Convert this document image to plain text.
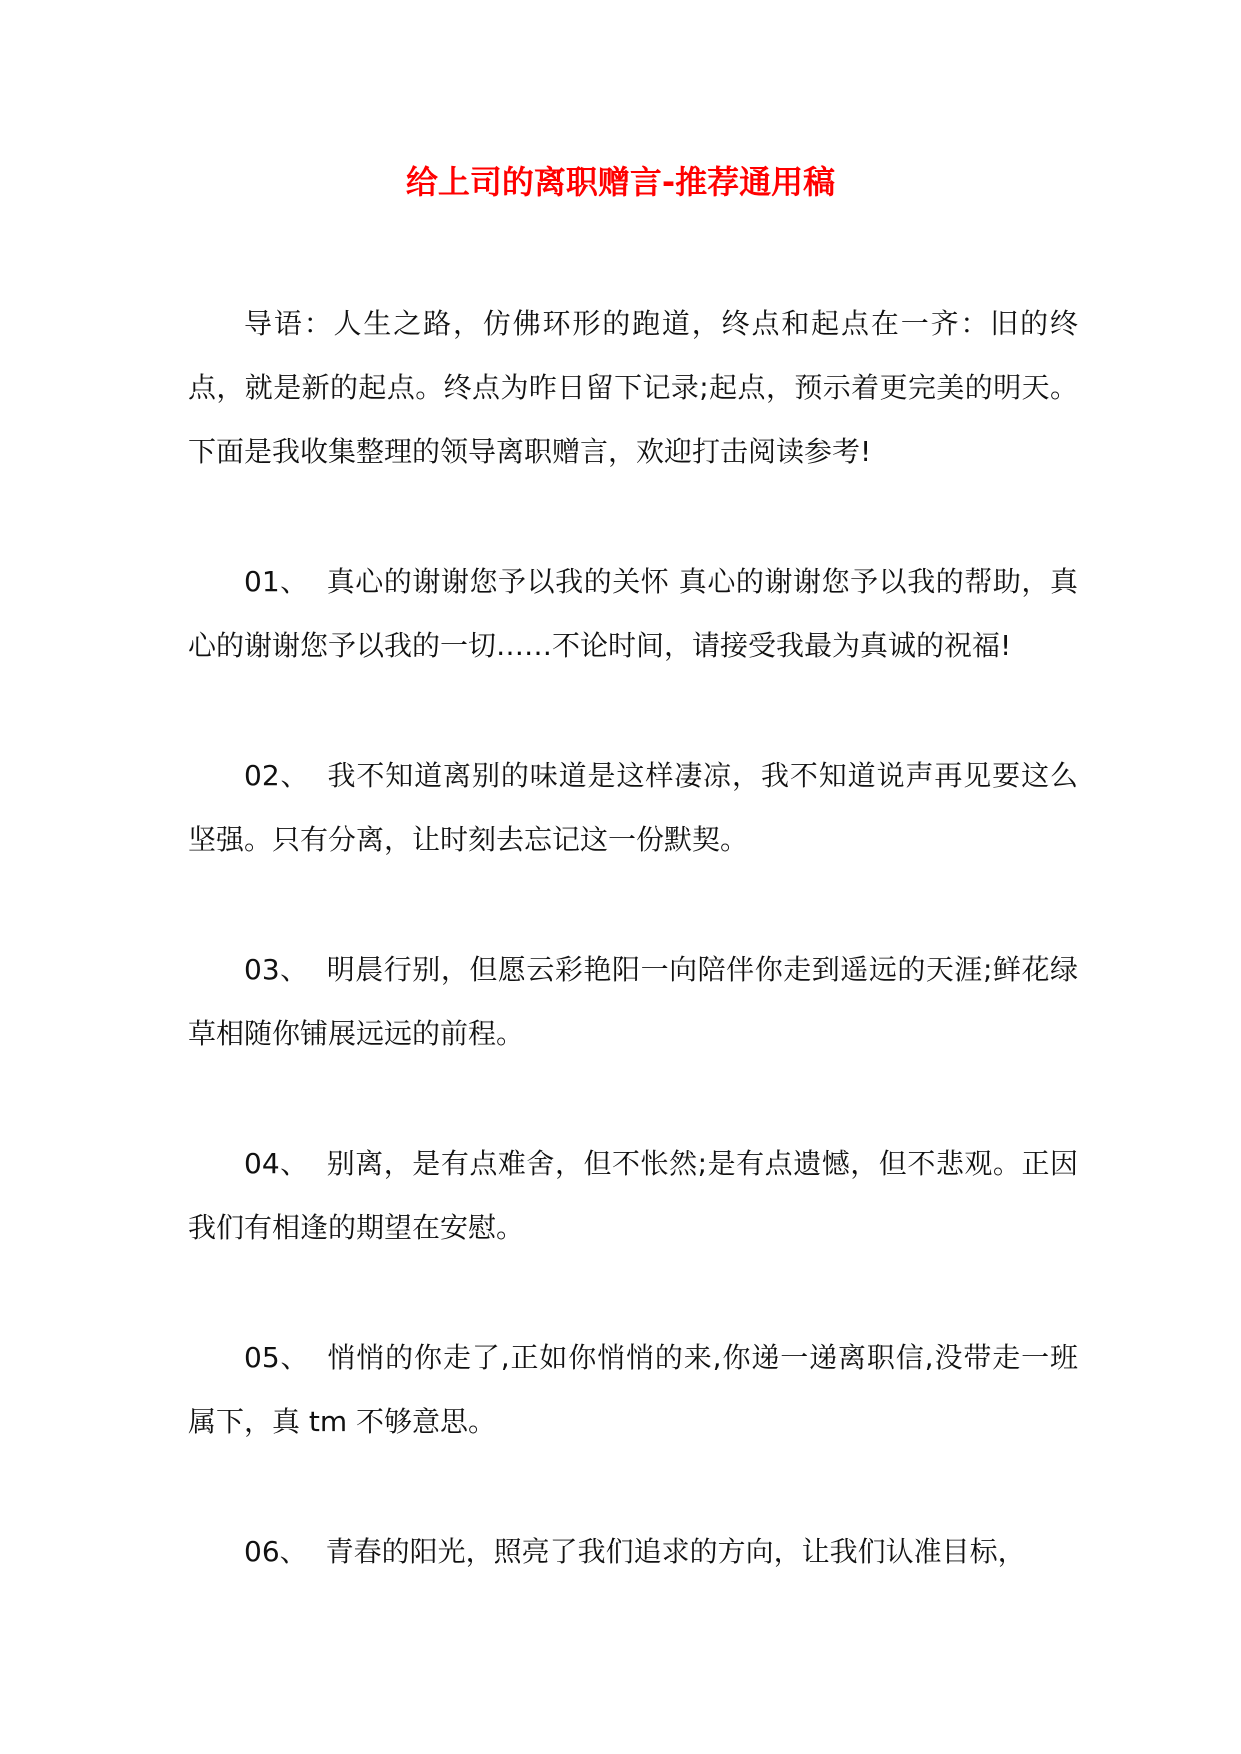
给上司的离职赠言-推荐通用稿

导语：人生之路，仿佛环形的跑道，终点和起点在一齐：旧的终点，就是新的起点。终点为昨日留下记录;起点，预示着更完美的明天。下面是我收集整理的领导离职赠言，欢迎打击阅读参考!

01、 真心的谢谢您予以我的关怀 真心的谢谢您予以我的帮助，真心的谢谢您予以我的一切……不论时间，请接受我最为真诚的祝福!

02、 我不知道离别的味道是这样凄凉，我不知道说声再见要这么坚强。只有分离，让时刻去忘记这一份默契。

03、 明晨行别，但愿云彩艳阳一向陪伴你走到遥远的天涯;鲜花绿草相随你铺展远远的前程。

04、 别离，是有点难舍，但不怅然;是有点遗憾，但不悲观。正因我们有相逢的期望在安慰。

05、 悄悄的你走了,正如你悄悄的来,你递一递离职信,没带走一班属下，真 tm 不够意思。

06、 青春的阳光，照亮了我们追求的方向，让我们认准目标，
